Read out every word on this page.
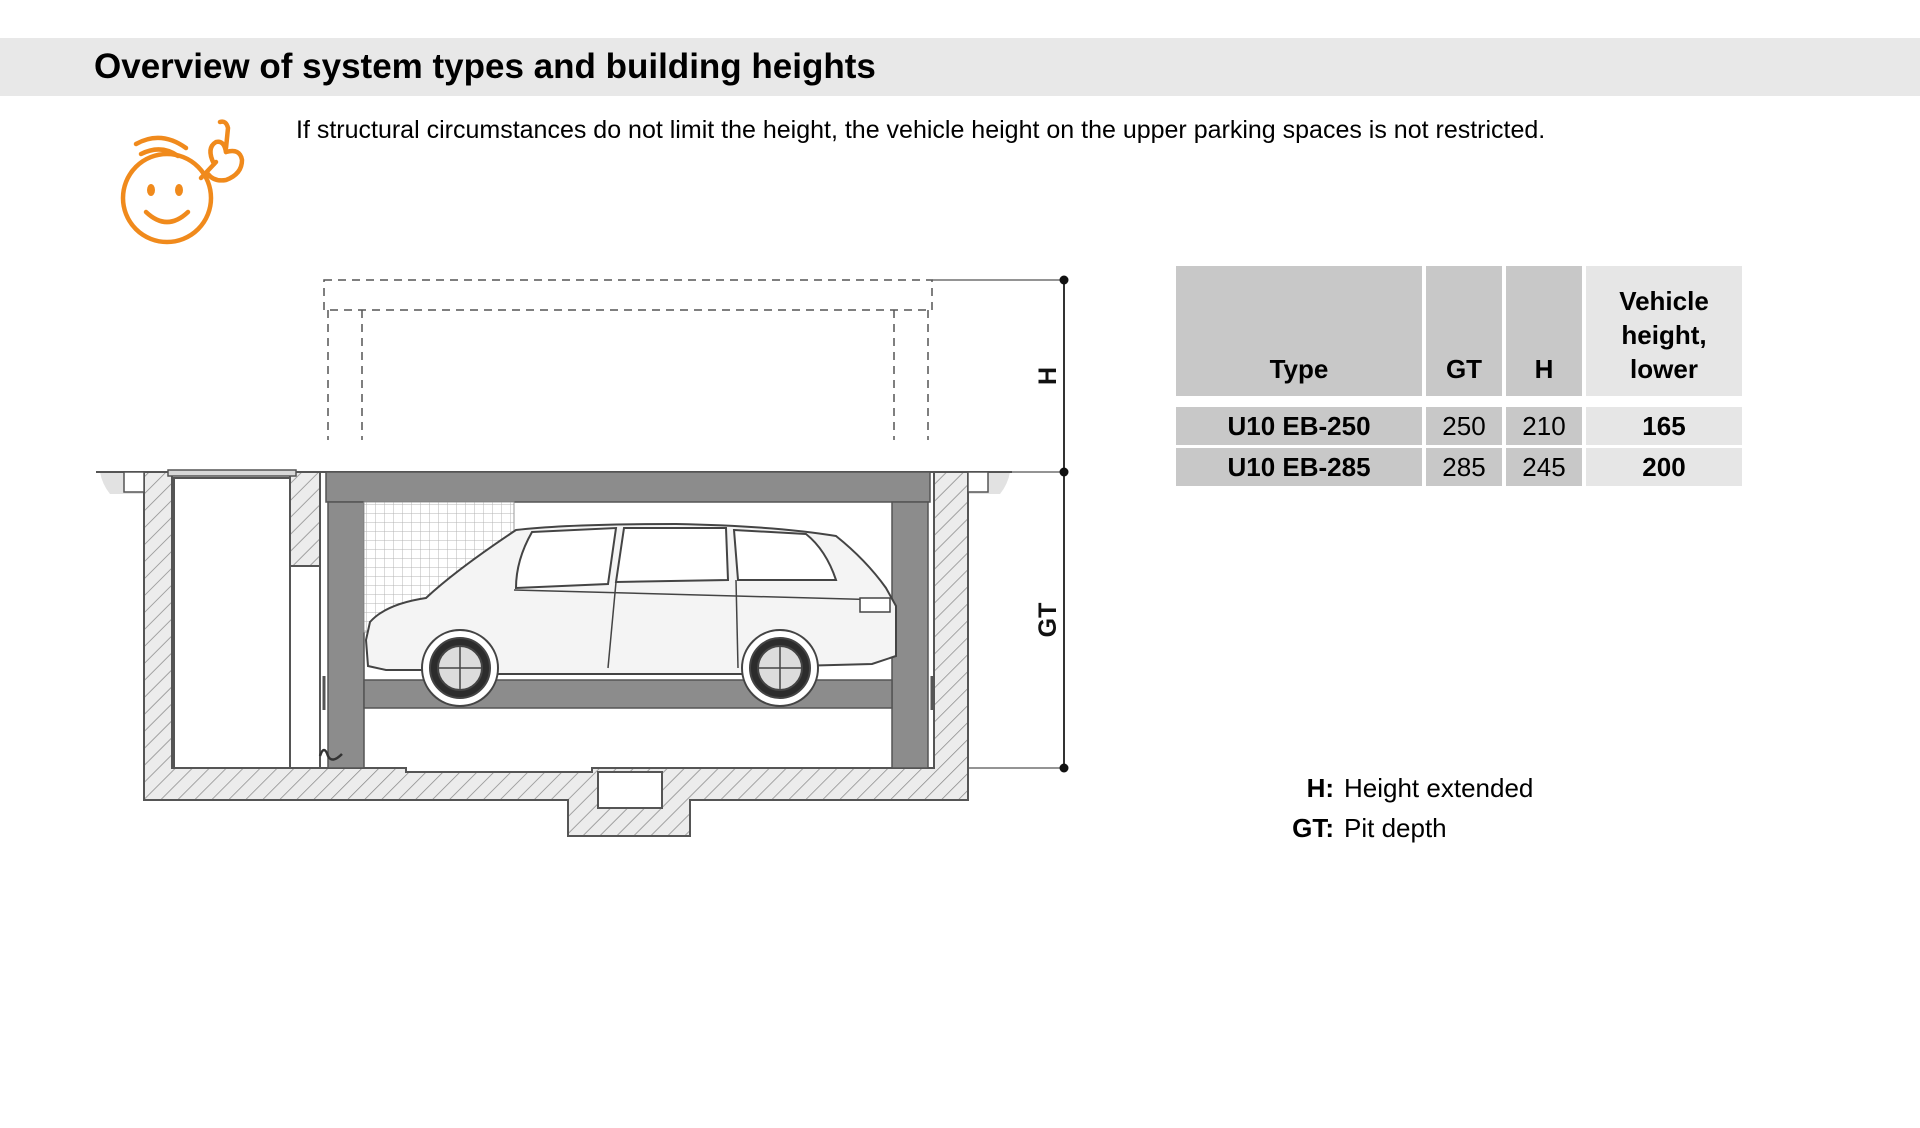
Overview of system types and building heights

If structural circumstances do not limit the height, the vehicle height on the upper parking spaces is not restricted.

H
GT
Type	GT	H	Vehicle
height,
lower

U10 EB-250	250	210	165
U10 EB-285	285	245	200
H: Height extended
GT: Pit depth
